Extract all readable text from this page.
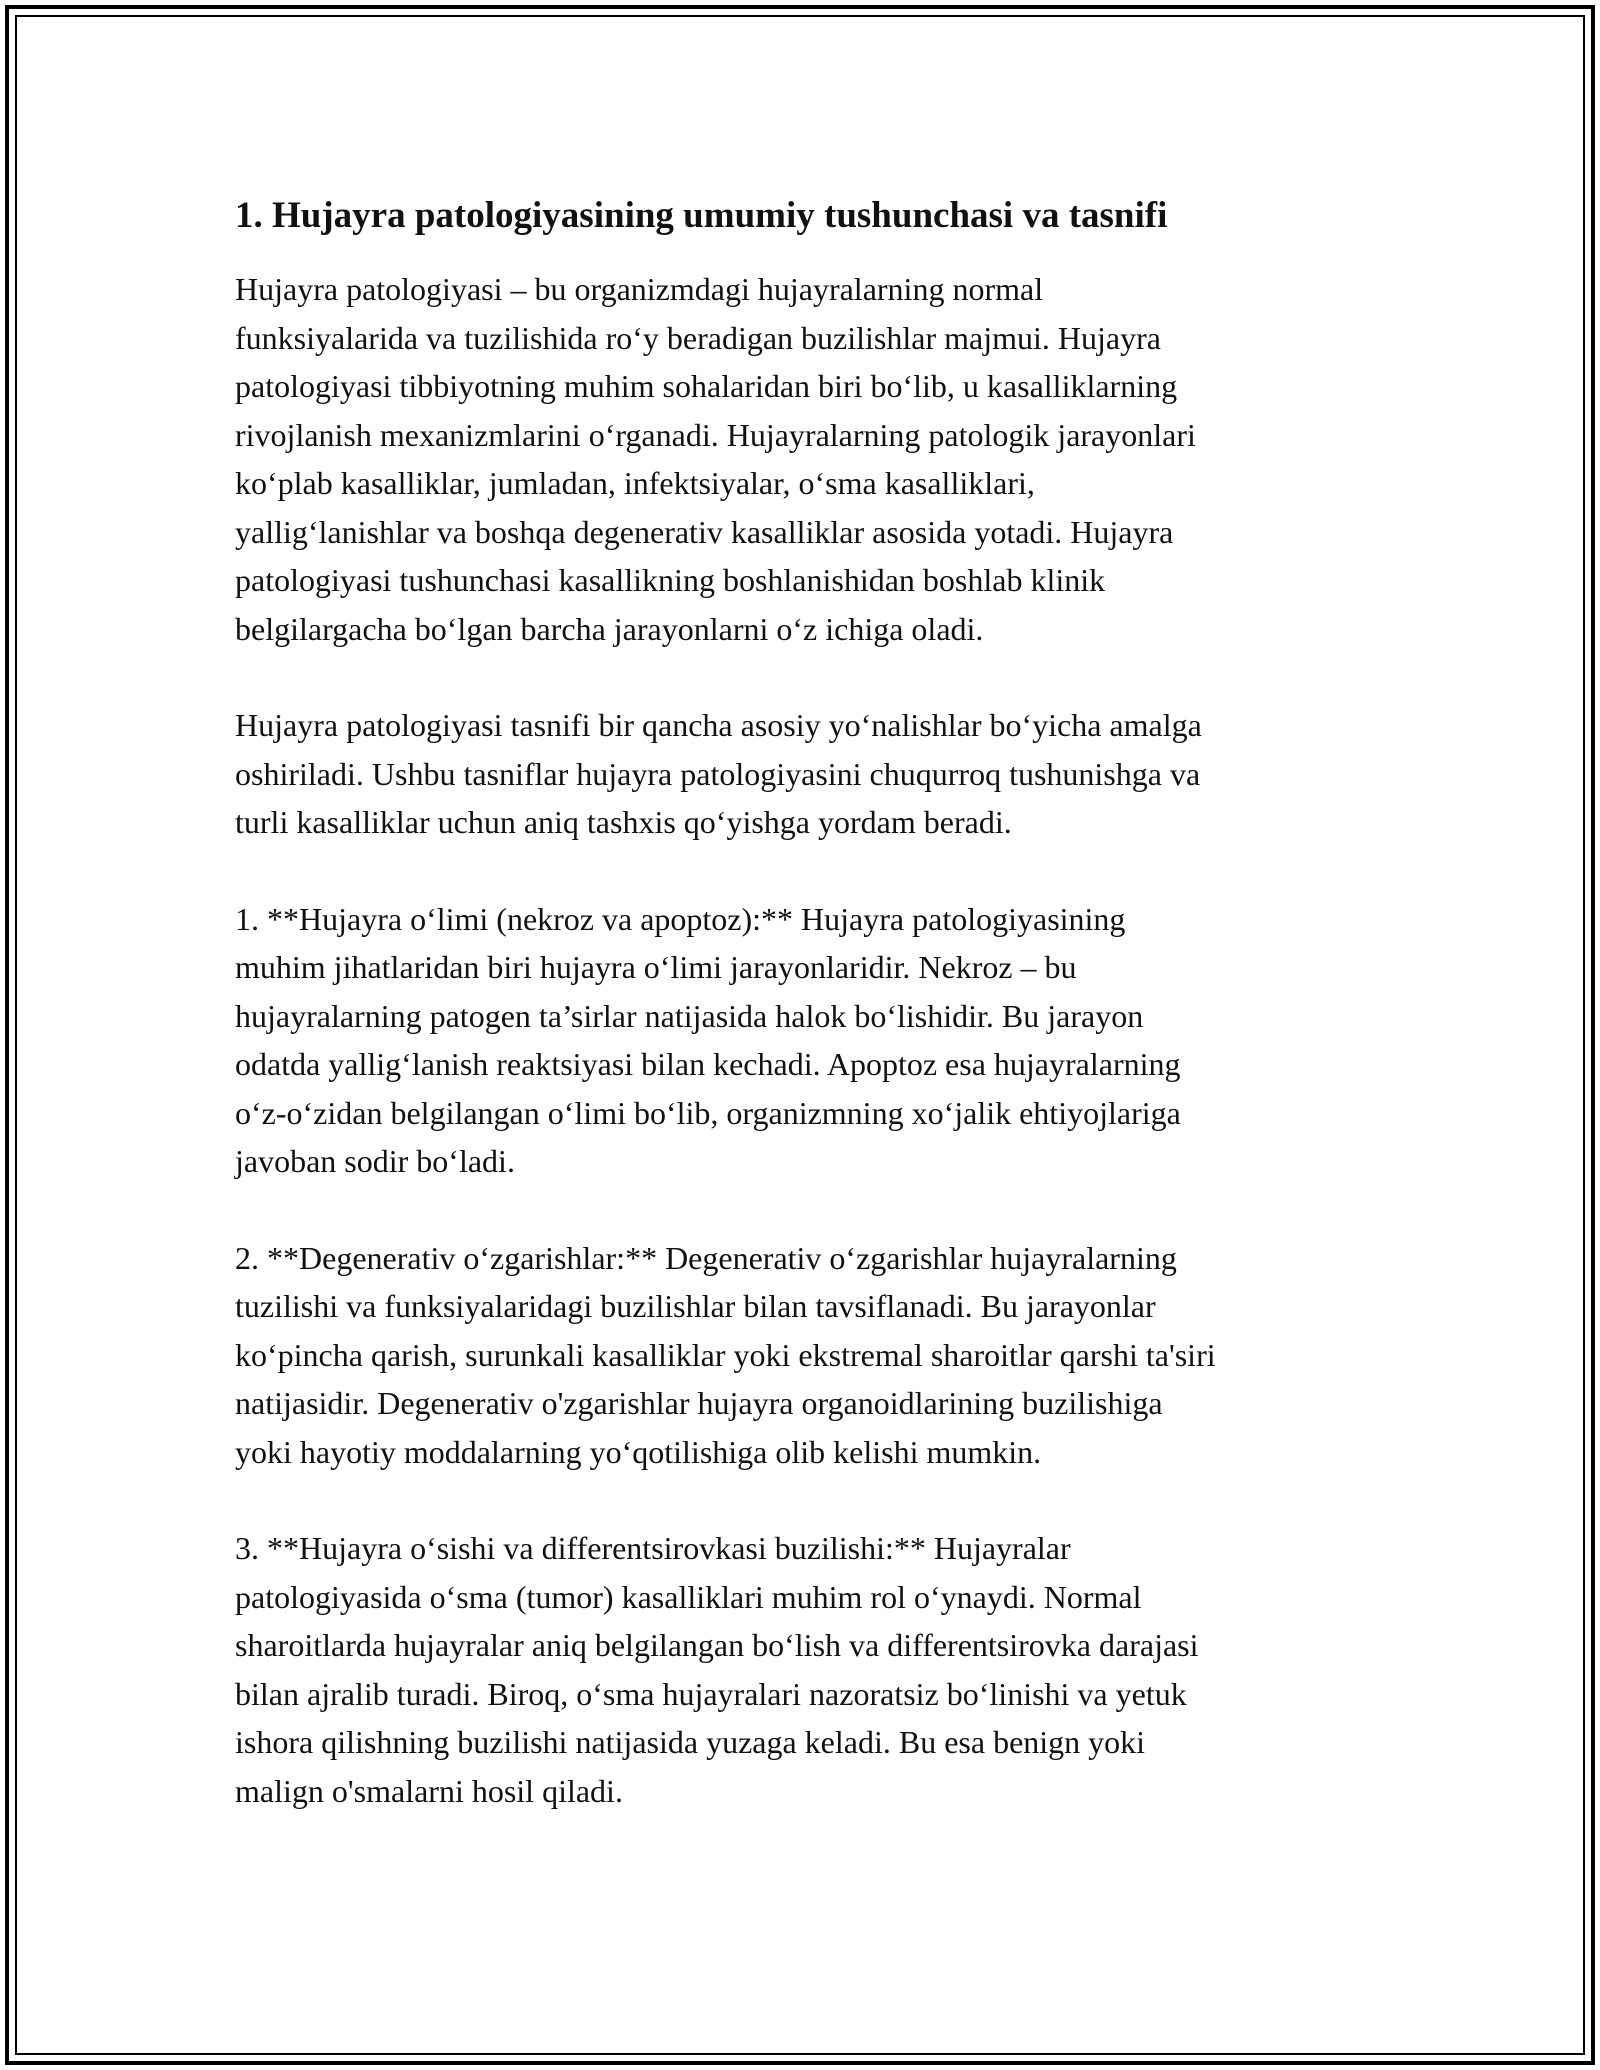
1. Hujayra patologiyasining umumiy tushunchasi va tasnifi

Hujayra patologiyasi – bu organizmdagi hujayralarning normal
funksiyalarida va tuzilishida ro‘y beradigan buzilishlar majmui. Hujayra
patologiyasi tibbiyotning muhim sohalaridan biri bo‘lib, u kasalliklarning
rivojlanish mexanizmlarini o‘rganadi. Hujayralarning patologik jarayonlari
ko‘plab kasalliklar, jumladan, infektsiyalar, o‘sma kasalliklari,
yallig‘lanishlar va boshqa degenerativ kasalliklar asosida yotadi. Hujayra
patologiyasi tushunchasi kasallikning boshlanishidan boshlab klinik
belgilargacha bo‘lgan barcha jarayonlarni o‘z ichiga oladi.

Hujayra patologiyasi tasnifi bir qancha asosiy yo‘nalishlar bo‘yicha amalga
oshiriladi. Ushbu tasniflar hujayra patologiyasini chuqurroq tushunishga va
turli kasalliklar uchun aniq tashxis qo‘yishga yordam beradi.

1. **Hujayra o‘limi (nekroz va apoptoz):** Hujayra patologiyasining
muhim jihatlaridan biri hujayra o‘limi jarayonlaridir. Nekroz – bu
hujayralarning patogen ta’sirlar natijasida halok bo‘lishidir. Bu jarayon
odatda yallig‘lanish reaktsiyasi bilan kechadi. Apoptoz esa hujayralarning
o‘z-o‘zidan belgilangan o‘limi bo‘lib, organizmning xo‘jalik ehtiyojlariga
javoban sodir bo‘ladi.

2. **Degenerativ o‘zgarishlar:** Degenerativ o‘zgarishlar hujayralarning
tuzilishi va funksiyalaridagi buzilishlar bilan tavsiflanadi. Bu jarayonlar
ko‘pincha qarish, surunkali kasalliklar yoki ekstremal sharoitlar qarshi ta'siri
natijasidir. Degenerativ o'zgarishlar hujayra organoidlarining buzilishiga
yoki hayotiy moddalarning yo‘qotilishiga olib kelishi mumkin.

3. **Hujayra o‘sishi va differentsirovkasi buzilishi:** Hujayralar
patologiyasida o‘sma (tumor) kasalliklari muhim rol o‘ynaydi. Normal
sharoitlarda hujayralar aniq belgilangan bo‘lish va differentsirovka darajasi
bilan ajralib turadi. Biroq, o‘sma hujayralari nazoratsiz bo‘linishi va yetuk
ishora qilishning buzilishi natijasida yuzaga keladi. Bu esa benign yoki
malign o'smalarni hosil qiladi.
